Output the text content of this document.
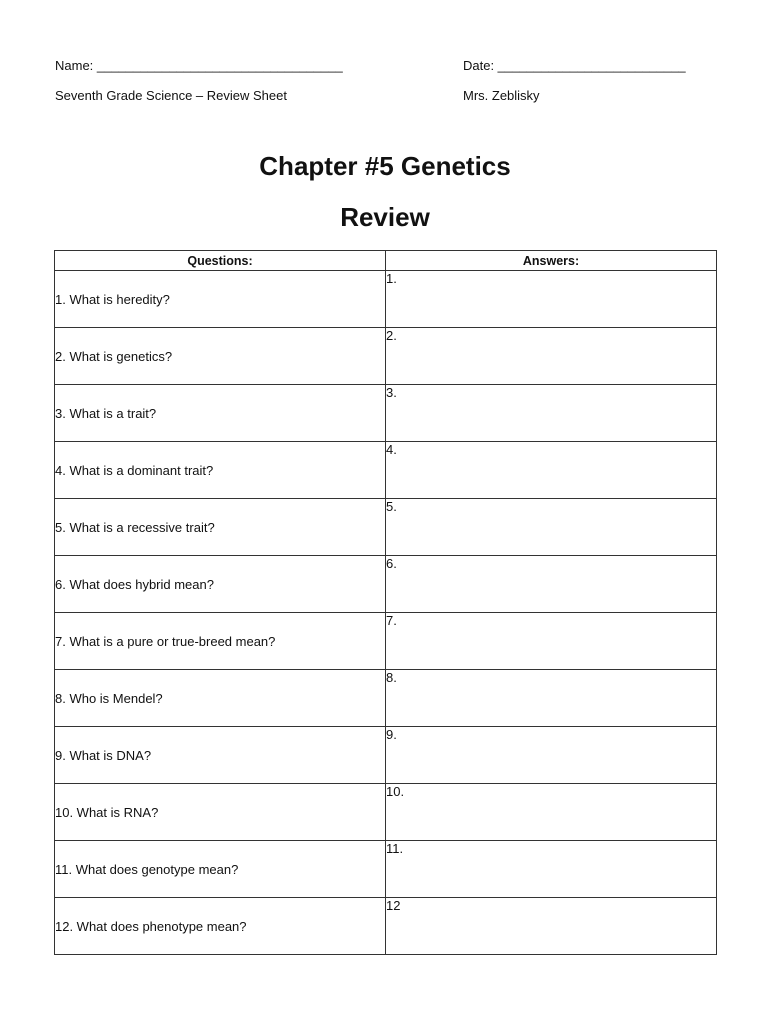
Name: __________________________________	Date: __________________________
Seventh Grade Science – Review Sheet	Mrs. Zeblisky
Chapter #5 Genetics
Review
Questions:	Answers:
1. What is heredity?	1.
2. What is genetics?	2.
3. What is a trait?	3.
4. What is a dominant trait?	4.
5. What is a recessive trait?	5.
6. What does hybrid mean?	6.
7. What is a pure or true-breed mean?	7.
8. Who is Mendel?	8.
9. What is DNA?	9.
10. What is RNA?	10.
11. What does genotype mean?	11.
12. What does phenotype mean?	12
